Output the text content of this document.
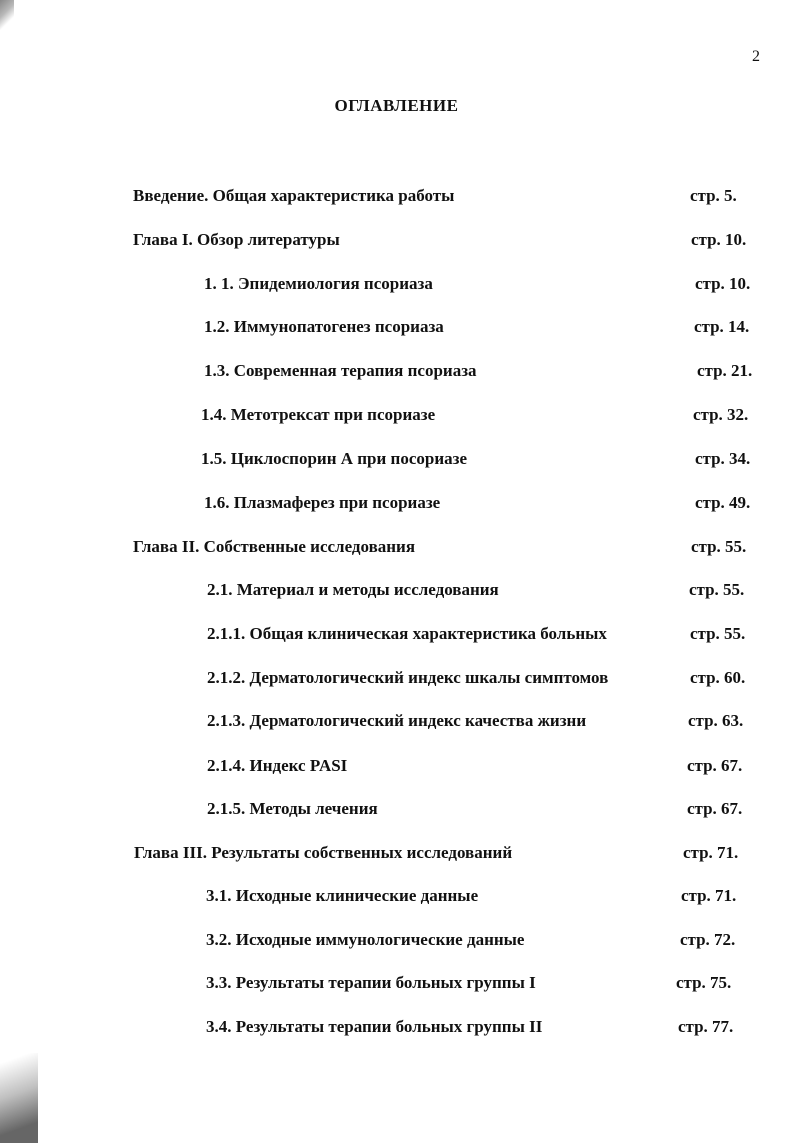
2
ОГЛАВЛЕНИЕ
Введение. Общая характеристика работы	стр. 5.
Глава I. Обзор литературы	стр. 10.
1. 1. Эпидемиология псориаза	стр. 10.
1.2. Иммунопатогенез псориаза	стр. 14.
1.3. Современная терапия псориаза	стр. 21.
1.4. Метотрексат при псориазе	стр. 32.
1.5. Циклоспорин А при посориазе	стр. 34.
1.6. Плазмаферез при псориазе	стр. 49.
Глава II. Собственные исследования	стр. 55.
2.1. Материал и методы исследования	стр. 55.
2.1.1. Общая клиническая характеристика больных	стр. 55.
2.1.2. Дерматологический индекс шкалы симптомов	стр. 60.
2.1.3. Дерматологический индекс качества жизни	стр. 63.
2.1.4. Индекс PASI	стр. 67.
2.1.5. Методы лечения	стр. 67.
Глава III. Результаты собственных исследований	стр. 71.
3.1. Исходные клинические данные	стр. 71.
3.2. Исходные иммунологические данные	стр. 72.
3.3. Результаты терапии больных группы I	стр. 75.
3.4. Результаты терапии больных группы II	стр. 77.
